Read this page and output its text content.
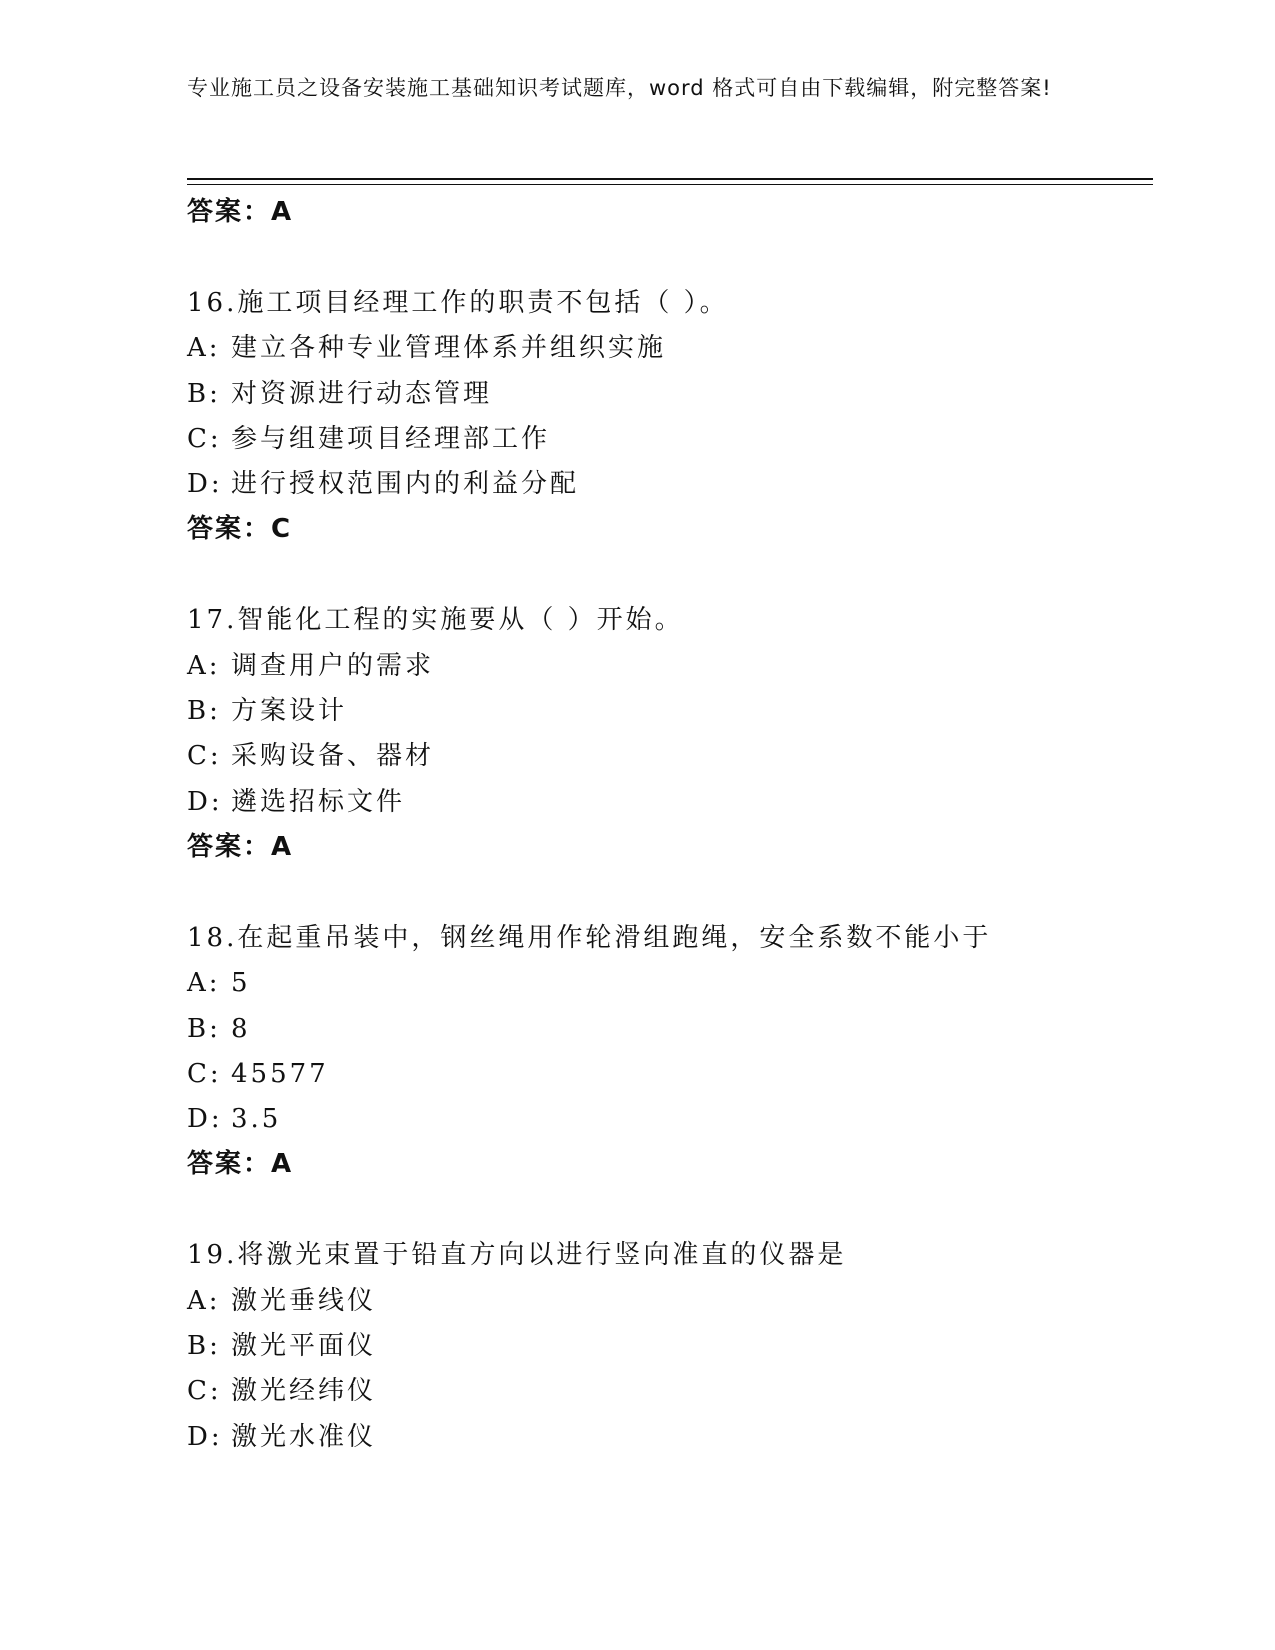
专业施工员之设备安装施工基础知识考试题库，word 格式可自由下载编辑，附完整答案!
答案：A
16.施工项目经理工作的职责不包括（ ）。
A: 建立各种专业管理体系并组织实施
B: 对资源进行动态管理
C: 参与组建项目经理部工作
D: 进行授权范围内的利益分配
答案：C
17.智能化工程的实施要从（ ）开始。
A: 调查用户的需求
B: 方案设计
C: 采购设备、器材
D: 遴选招标文件
答案：A
18.在起重吊装中，钢丝绳用作轮滑组跑绳，安全系数不能小于
A: 5
B: 8
C: 45577
D: 3.5
答案：A
19.将激光束置于铅直方向以进行竖向准直的仪器是
A: 激光垂线仪
B: 激光平面仪
C: 激光经纬仪
D: 激光水准仪
